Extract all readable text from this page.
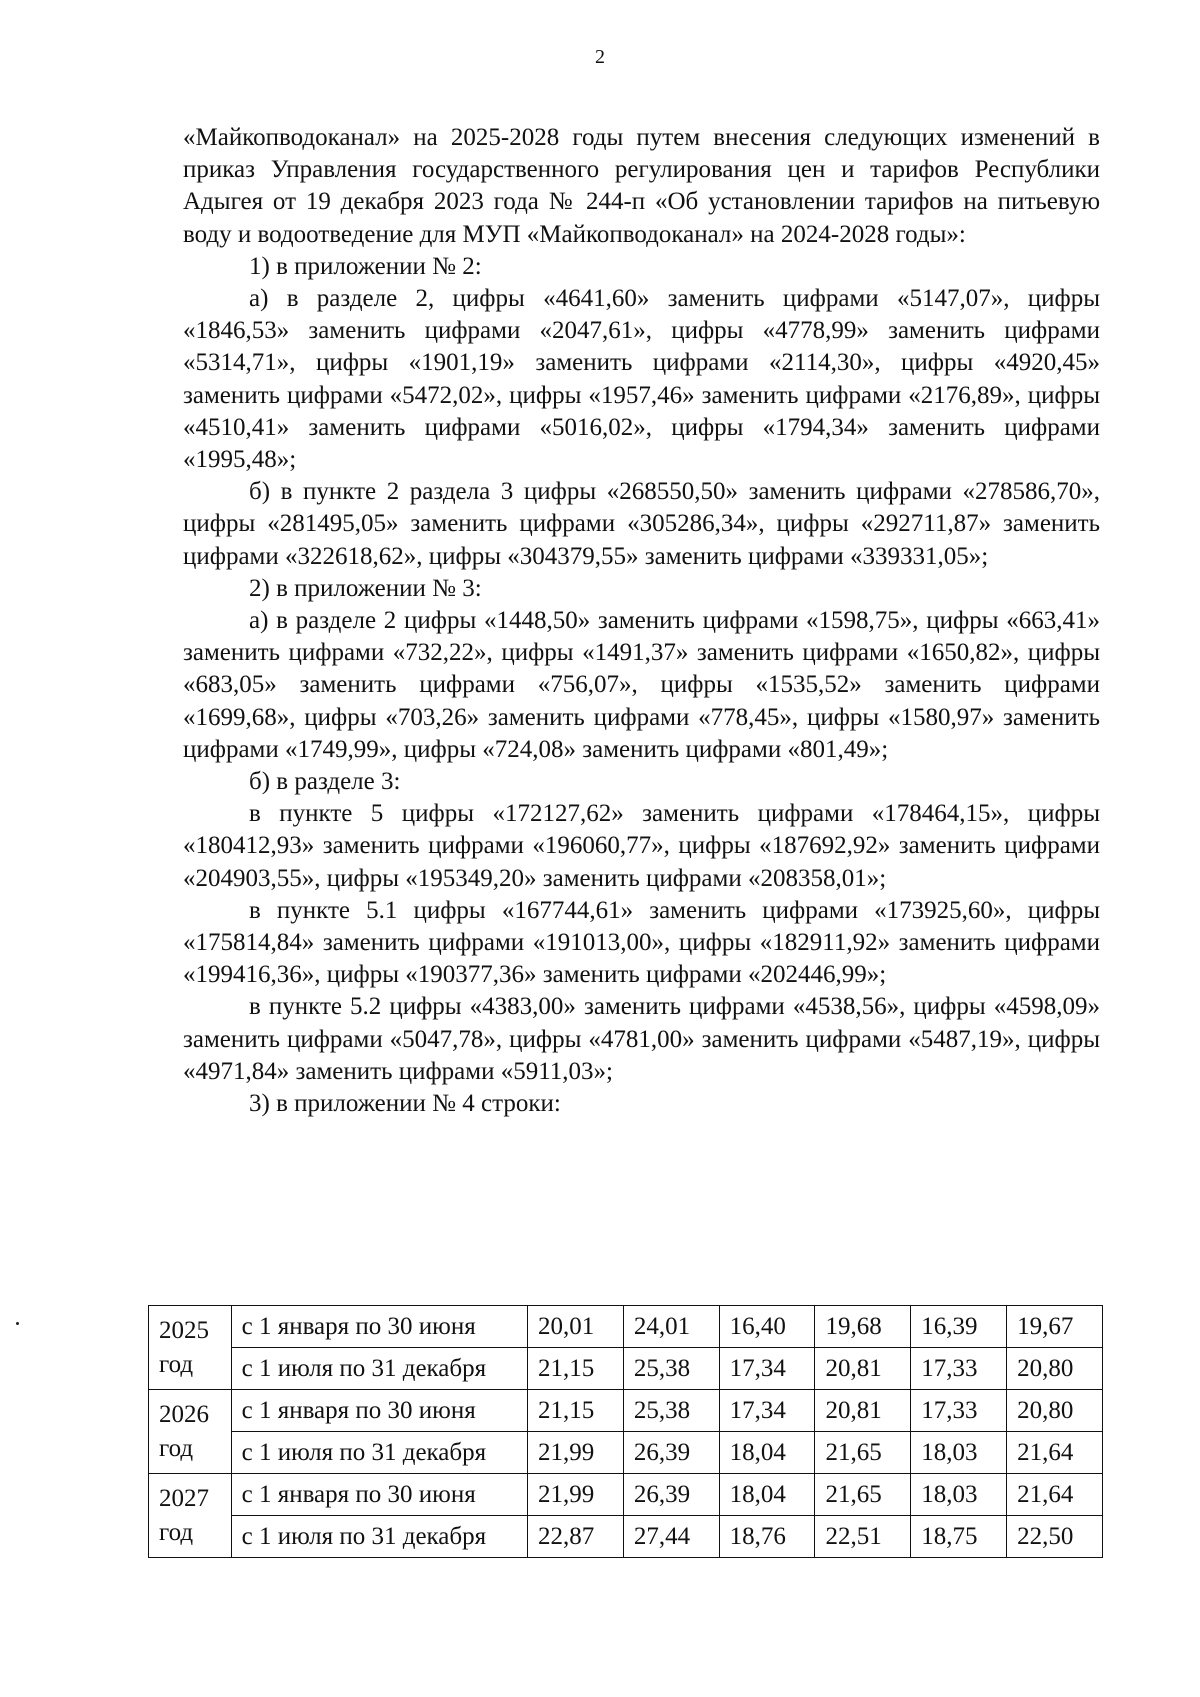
2

«Майкопводоканал» на 2025-2028 годы путем внесения следующих изменений в приказ Управления государственного регулирования цен и тарифов Республики Адыгея от 19 декабря 2023 года № 244-п «Об установлении тарифов на питьевую воду и водоотведение для МУП «Майкопводоканал» на 2024-2028 годы»:

1) в приложении № 2:

а) в разделе 2, цифры «4641,60» заменить цифрами «5147,07», цифры «1846,53» заменить цифрами «2047,61», цифры «4778,99» заменить цифрами «5314,71», цифры «1901,19» заменить цифрами «2114,30», цифры «4920,45» заменить цифрами «5472,02», цифры «1957,46» заменить цифрами «2176,89», цифры «4510,41» заменить цифрами «5016,02», цифры «1794,34» заменить цифрами «1995,48»;

б) в пункте 2 раздела 3 цифры «268550,50» заменить цифрами «278586,70», цифры «281495,05» заменить цифрами «305286,34», цифры «292711,87» заменить цифрами «322618,62», цифры «304379,55» заменить цифрами «339331,05»;

2) в приложении № 3:

а) в разделе 2 цифры «1448,50» заменить цифрами «1598,75», цифры «663,41» заменить цифрами «732,22», цифры «1491,37» заменить цифрами «1650,82», цифры «683,05» заменить цифрами «756,07», цифры «1535,52» заменить цифрами «1699,68», цифры «703,26» заменить цифрами «778,45», цифры «1580,97» заменить цифрами «1749,99», цифры «724,08» заменить цифрами «801,49»;

б) в разделе 3:

в пункте 5 цифры «172127,62» заменить цифрами «178464,15», цифры «180412,93» заменить цифрами «196060,77», цифры «187692,92» заменить цифрами «204903,55», цифры «195349,20» заменить цифрами «208358,01»;

в пункте 5.1 цифры «167744,61» заменить цифрами «173925,60», цифры «175814,84» заменить цифрами «191013,00», цифры «182911,92» заменить цифрами «199416,36», цифры «190377,36» заменить цифрами «202446,99»;

в пункте 5.2 цифры «4383,00» заменить цифрами «4538,56», цифры «4598,09» заменить цифрами «5047,78», цифры «4781,00» заменить цифрами «5487,19», цифры «4971,84» заменить цифрами «5911,03»;

3) в приложении № 4 строки:

2025
год	с 1 января по 30 июня	20,01	24,01	16,40	19,68	16,39	19,67
	с 1 июля по 31 декабря	21,15	25,38	17,34	20,81	17,33	20,80

2026
год	с 1 января по 30 июня	21,15	25,38	17,34	20,81	17,33	20,80
	с 1 июля по 31 декабря	21,99	26,39	18,04	21,65	18,03	21,64

2027
год	с 1 января по 30 июня	21,99	26,39	18,04	21,65	18,03	21,64
	с 1 июля по 31 декабря	22,87	27,44	18,76	22,51	18,75	22,50
